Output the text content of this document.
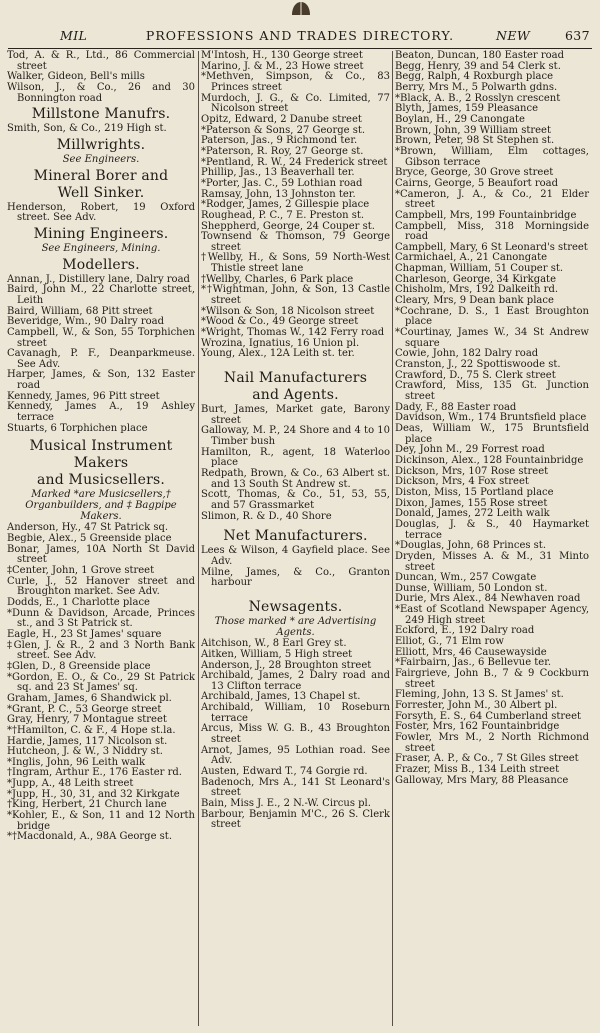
MIL	PROFESSIONS AND TRADES DIRECTORY.	NEW	637
Tod, A. & R., Ltd., 86 Commercial street
Walker, Gideon, Bell's mills
Wilson, J., & Co., 26 and 30 Bonnington road
Millstone Manufrs.
Smith, Son, & Co., 219 High st.
Millwrights.
See Engineers.
Mineral Borer and
Well Sinker.
Henderson, Robert, 19 Oxford street. See Adv.
Mining Engineers.
See Engineers, Mining.
Modellers.
Annan, J., Distillery lane, Dalry road
Baird, John M., 22 Charlotte street, Leith
Baird, William, 68 Pitt street
Beveridge, Wm., 90 Dalry road
Campbell, W., & Son, 55 Torphichen street
Cavanagh, P. F., Deanparkmeuse. See Adv.
Harper, James, & Son, 132 Easter road
Kennedy, James, 96 Pitt street
Kennedy, James A., 19 Ashley terrace
Stuarts, 6 Torphichen place
Musical Instrument
Makers
and Musicsellers.
Marked *are Musicsellers,† Organbuilders, and ‡ Bagpipe Makers.
Anderson, Hy., 47 St Patrick sq.
Begbie, Alex., 5 Greenside place
Bonar, James, 10A North St David street
‡Center, John, 1 Grove street
Curle, J., 52 Hanover street and Broughton market. See Adv.
Dodds, E., 1 Charlotte place
*Dunn & Davidson, Arcade, Princes st., and 3 St Patrick st.
Eagle, H., 23 St James' square
‡Glen, J. & R., 2 and 3 North Bank street. See Adv.
‡Glen, D., 8 Greenside place
*Gordon, E. O., & Co., 29 St Patrick sq. and 23 St James' sq.
Graham, James, 6 Shandwick pl.
*Grant, P. C., 53 George street
Gray, Henry, 7 Montague street
*†Hamilton, C. & F., 4 Hope st.la.
Hardie, James, 117 Nicolson st.
Hutcheon, J. & W., 3 Niddry st.
*Inglis, John, 96 Leith walk
†Ingram, Arthur E., 176 Easter rd.
*Jupp, A., 48 Leith street
*Jupp, H., 30, 31, and 32 Kirkgate
†King, Herbert, 21 Church lane
*Kohler, E., & Son, 11 and 12 North bridge
*†Macdonald, A., 98A George st.
M'Intosh, H., 130 George street
Marino, J. & M., 23 Howe street
*Methven, Simpson, & Co., 83 Princes street
Murdoch, J. G., & Co. Limited, 77 Nicolson street
Opitz, Edward, 2 Danube street
*Paterson & Sons, 27 George st.
Paterson, Jas., 9 Richmond ter.
*Paterson, R. Roy, 27 George st.
*Pentland, R. W., 24 Frederick street
Phillip, Jas., 13 Beaverhall ter.
*Porter, Jas. C., 59 Lothian road
Ramsay, John, 13 Johnston ter.
*Rodger, James, 2 Gillespie place
Roughead, P. C., 7 E. Preston st.
Sheppherd, George, 24 Couper st.
Townsend & Thomson, 79 George street
†Wellby, H., & Sons, 59 North-West Thistle street lane
†Wellby, Charles, 6 Park place
*†Wightman, John, & Son, 13 Castle street
*Wilson & Son, 18 Nicolson street
*Wood & Co., 49 George street
*Wright, Thomas W., 142 Ferry road
Wrozina, Ignatius, 16 Union pl.
Young, Alex., 12A Leith st. ter.
Nail Manufacturers
and Agents.
Burt, James, Market gate, Barony street
Galloway, M. P., 24 Shore and 4 to 10 Timber bush
Hamilton, R., agent, 18 Waterloo place
Redpath, Brown, & Co., 63 Albert st. and 13 South St Andrew st.
Scott, Thomas, & Co., 51, 53, 55, and 57 Grassmarket
Slimon, R. & D., 40 Shore
Net Manufacturers.
Lees & Wilson, 4 Gayfield place. See Adv.
Milne, James, & Co., Granton harbour
Newsagents.
Those marked * are Advertising Agents.
Aitchison, W., 8 Earl Grey st.
Aitken, William, 5 High street
Anderson, J., 28 Broughton street
Archibald, James, 2 Dalry road and 13 Clifton terrace
Archibald, James, 13 Chapel st.
Archibald, William, 10 Roseburn terrace
Arcus, Miss W. G. B., 43 Broughton street
Arnot, James, 95 Lothian road. See Adv.
Austen, Edward T., 74 Gorgie rd.
Badenoch, Mrs A., 141 St Leonard's street
Bain, Miss J. E., 2 N.-W. Circus pl.
Barbour, Benjamin M'C., 26 S. Clerk street
Beaton, Duncan, 180 Easter road
Begg, Henry, 39 and 54 Clerk st.
Begg, Ralph, 4 Roxburgh place
Berry, Mrs M., 5 Polwarth gdns.
*Black, A. B., 2 Rosslyn crescent
Blyth, James, 159 Pleasance
Boylan, H., 29 Canongate
Brown, John, 39 William street
Brown, Peter, 98 St Stephen st.
*Brown, William, Elm cottages, Gibson terrace
Bryce, George, 30 Grove street
Cairns, George, 5 Beaufort road
*Cameron, J. A., & Co., 21 Elder street
Campbell, Mrs, 199 Fountainbridge
Campbell, Miss, 318 Morningside road
Campbell, Mary, 6 St Leonard's street
Carmichael, A., 21 Canongate
Chapman, William, 51 Couper st.
Charleson, George, 34 Kirkgate
Chisholm, Mrs, 192 Dalkeith rd.
Cleary, Mrs, 9 Dean bank place
*Cochrane, D. S., 1 East Broughton place
*Courtinay, James W., 34 St Andrew square
Cowie, John, 182 Dalry road
Cranston, J., 22 Spottiswoode st.
Crawford, D., 75 S. Clerk street
Crawford, Miss, 135 Gt. Junction street
Dady, F., 88 Easter road
Davidson, Wm., 174 Bruntsfield place
Deas, William W., 175 Bruntsfield place
Dey, John M., 29 Forrest road
Dickinson, Alex., 128 Fountainbridge
Dickson, Mrs, 107 Rose street
Dickson, Mrs, 4 Fox street
Diston, Miss, 15 Portland place
Dixon, James, 155 Rose street
Donald, James, 272 Leith walk
Douglas, J. & S., 40 Haymarket terrace
*Douglas, John, 68 Princes st.
Dryden, Misses A. & M., 31 Minto street
Duncan, Wm., 257 Cowgate
Dunse, William, 50 London st.
Durie, Mrs Alex., 84 Newhaven road
*East of Scotland Newspaper Agency, 249 High street
Eckford, E., 192 Dalry road
Elliot, G., 71 Elm row
Elliott, Mrs, 46 Causewayside
*Fairbairn, Jas., 6 Bellevue ter.
Fairgrieve, John B., 7 & 9 Cockburn street
Fleming, John, 13 S. St James' st.
Forrester, John M., 30 Albert pl.
Forsyth, E. S., 64 Cumberland street
Foster, Mrs, 162 Fountainbridge
Fowler, Mrs M., 2 North Richmond street
Fraser, A. P., & Co., 7 St Giles street
Frazer, Miss B., 134 Leith street
Galloway, Mrs Mary, 88 Pleasance
